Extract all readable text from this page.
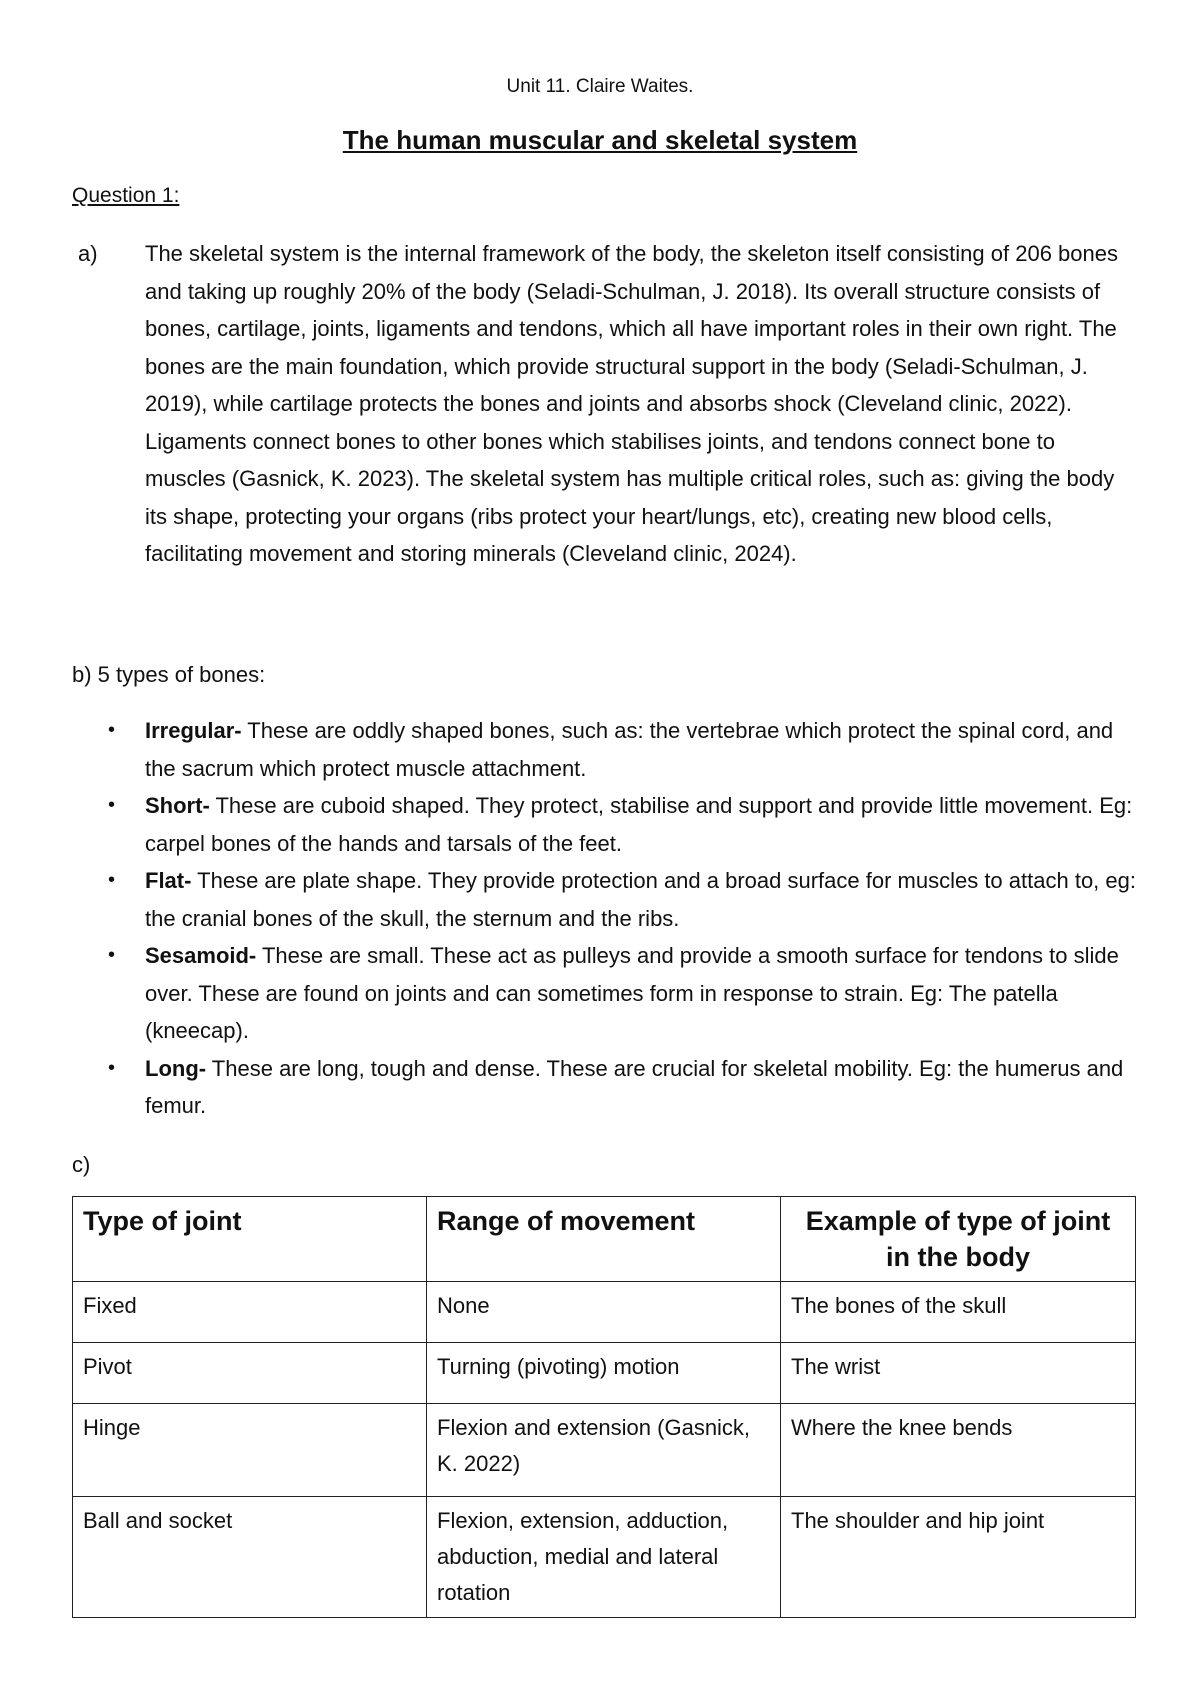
Unit 11. Claire Waites.
The human muscular and skeletal system
Question 1:
a) The skeletal system is the internal framework of the body, the skeleton itself consisting of 206 bones and taking up roughly 20% of the body (Seladi-Schulman, J. 2018). Its overall structure consists of bones, cartilage, joints, ligaments and tendons, which all have important roles in their own right. The bones are the main foundation, which provide structural support in the body (Seladi-Schulman, J. 2019), while cartilage protects the bones and joints and absorbs shock (Cleveland clinic, 2022). Ligaments connect bones to other bones which stabilises joints, and tendons connect bone to muscles (Gasnick, K. 2023). The skeletal system has multiple critical roles, such as: giving the body its shape, protecting your organs (ribs protect your heart/lungs, etc), creating new blood cells, facilitating movement and storing minerals (Cleveland clinic, 2024).
b) 5 types of bones:
• Irregular- These are oddly shaped bones, such as: the vertebrae which protect the spinal cord, and the sacrum which protect muscle attachment.
• Short- These are cuboid shaped. They protect, stabilise and support and provide little movement. Eg: carpel bones of the hands and tarsals of the feet.
• Flat- These are plate shape. They provide protection and a broad surface for muscles to attach to, eg: the cranial bones of the skull, the sternum and the ribs.
• Sesamoid- These are small. These act as pulleys and provide a smooth surface for tendons to slide over. These are found on joints and can sometimes form in response to strain. Eg: The patella (kneecap).
• Long- These are long, tough and dense. These are crucial for skeletal mobility. Eg: the humerus and femur.
c)
Type of joint	Range of movement	Example of type of joint in the body
Fixed	None	The bones of the skull
Pivot	Turning (pivoting) motion	The wrist
Hinge	Flexion and extension (Gasnick, K. 2022)	Where the knee bends
Ball and socket	Flexion, extension, adduction, abduction, medial and lateral rotation	The shoulder and hip joint
